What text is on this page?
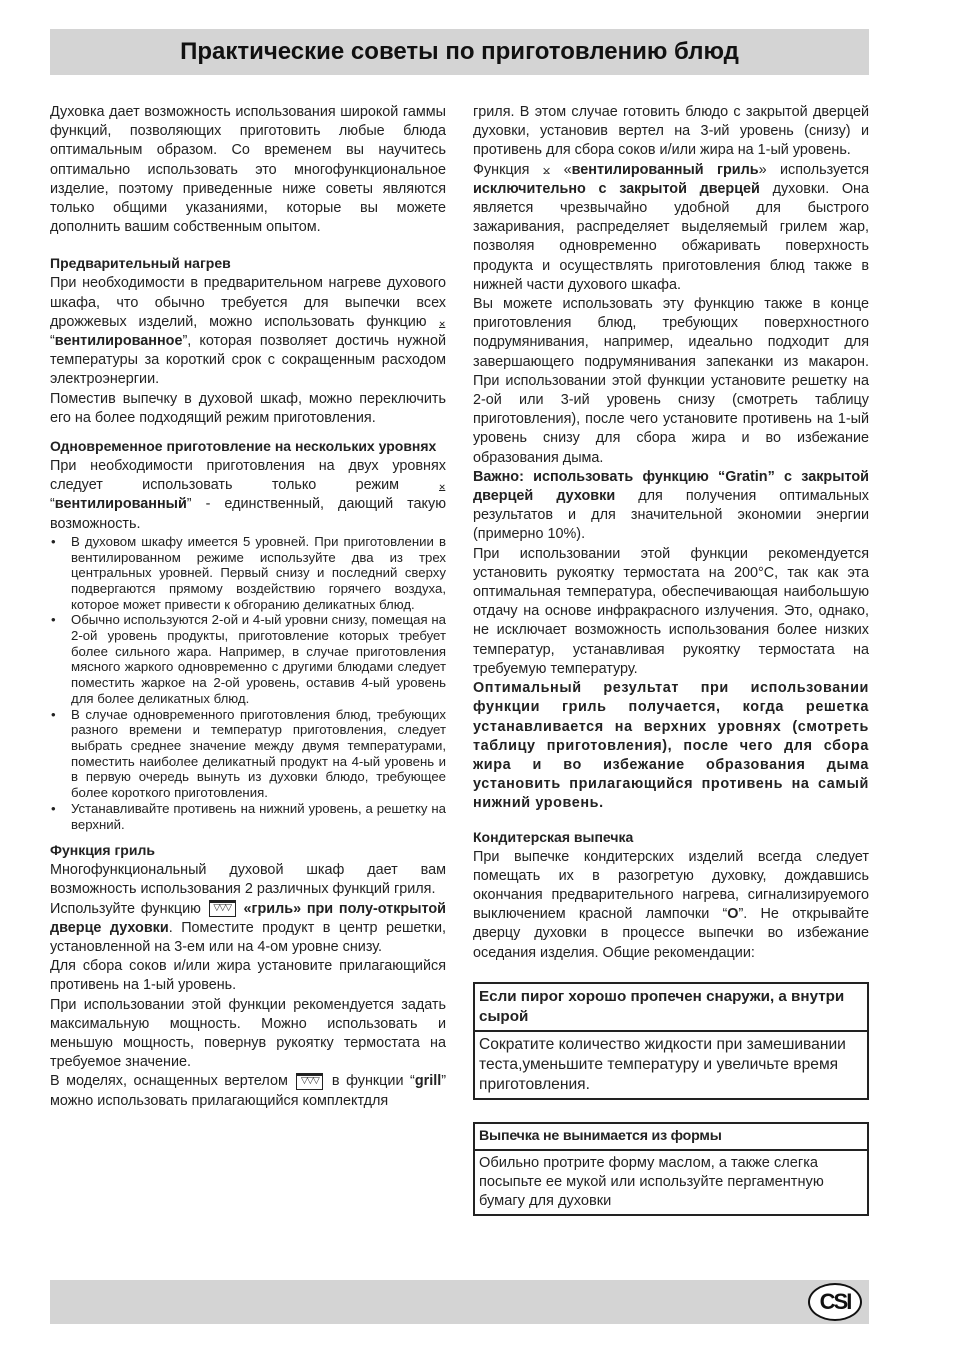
Практические советы по приготовлению блюд

Духовка дает возможность использования широкой гаммы функций, позволяющих приготовить любые блюда оптимальным образом. Со временем вы научитесь оптимально использовать это многофункциональное изделие, поэтому приведенные ниже советы являются только общими указаниями, которые вы можете дополнить вашим собственным опытом.

Предварительный нагрев

При необходимости в предварительном нагреве духового шкафа, что обычно требуется для выпечки всех дрожжевых изделий, можно использовать функцию ⨱ “вентилированное”, которая позволяет достичь нужной температуры за короткий срок с сокращенным расходом электроэнергии.

Поместив выпечку в духовой шкаф, можно переключить его на более подходящий режим приготовления.

Одновременное приготовление на нескольких уровнях

При необходимости приготовления на двух уровнях следует использовать только режим	⨱ “вентилированный” - единственный, дающий такую возможность.

• В духовом шкафу имеется 5 уровней. При приготовлении в вентилированном режиме используйте два из трех центральных уровней. Первый снизу и последний сверху подвергаются прямому воздействию горячего воздуха, которое может привести к обгоранию деликатных блюд.
• Обычно используются 2-ой и 4-ый уровни снизу, помещая на 2-ой уровень продукты, приготовление которых требует более сильного жара. Например, в случае приготовления мясного жаркого одновременно с другими блюдами следует поместить жаркое на 2-ой уровень, оставив 4-ый уровень для более деликатных блюд.
• В случае одновременного приготовления блюд, требующих разного времени и температур приготовления, следует выбрать среднее значение между двумя температурами, поместить наиболее деликатный продукт на 4-ый уровень и в первую очередь вынуть из духовки блюдо, требующее более короткого приготовления.
• Устанавливайте противень на нижний уровень, а решетку на верхний.
Функция гриль

Многофункциональный духовой шкаф дает вам возможность использования 2 различных функций гриля.

Используйте функцию ▽▽▽ «гриль» при полу-открытой дверце духовки. Поместите продукт в центр решетки, установленной на 3-ем или на 4-ом уровне снизу.

Для сбора соков и/или жира установите прилагающийся противень на 1-ый уровень.

При использовании этой функции рекомендуется задать максимальную мощность. Можно использовать и меньшую мощность, повернув рукоятку термостата на требуемое значение.

В моделях, оснащенных вертелом ▽▽▽ в функции “grill” можно использовать прилагающийся комплектдля

гриля. В этом случае готовить блюдо с закрытой дверцей духовки, установив вертел на 3-ий уровень (снизу) и противень для сбора соков и/или жира на 1-ый уровень.

Функция ⨲ «вентилированный гриль» используется исключительно с закрытой дверцей духовки. Она является чрезвычайно удобной для быстрого зажаривания, распределяет выделяемый грилем жар, позволяя одновременно обжаривать поверхность продукта и осуществлять приготовления блюд также в нижней части духового шкафа.

Вы можете использовать эту функцию также в конце приготовления блюд, требующих поверхностного подрумянивания, например, идеально подходит для завершающего подрумянивания запеканки из макарон. При использовании этой функции установите решетку на 2-ой или 3-ий уровень снизу (смотреть таблицу приготовления), после чего установите противень на 1-ый уровень снизу для сбора жира и во избежание образования дыма.

Важно: использовать функцию “Gratin” с закрытой дверцей духовки для получения оптимальных результатов и для значительной экономии энергии (примерно 10%).

При использовании этой функции рекомендуется установить рукоятку термостата на 200°С, так как эта оптимальная температура, обеспечивающая наибольшую отдачу на основе инфракрасного излучения. Это, однако, не исключает возможность использования более низких температур, устанавливая рукоятку термостата на требуемую температуру.

Оптимальный результат при использовании функции гриль получается, когда решетка устанавливается на верхних уровнях (смотреть таблицу приготовления), после чего для сбора жира и во избежание образования дыма установить прилагающийся противень на самый нижний уровень.

Кондитерская выпечка

При выпечке кондитерских изделий всегда следует помещать их в разогретую духовку, дождавшись окончания предварительного нагрева, сигнализируемого выключением красной лампочки “O”. Не открывайте дверцу духовки в процессе выпечки во избежание оседания изделия. Общие рекомендации:

Если пирог хорошо пропечен снаружи, а внутри сырой
Сократите количество жидкости при замешивании теста,уменьшите температуру и увеличьте время приготовления.
Выпечка не вынимается из формы
Обильно протрите форму маслом, а также слегка посыпьте ее мукой или используйте пергаментную бумагу для духовки
CSI
